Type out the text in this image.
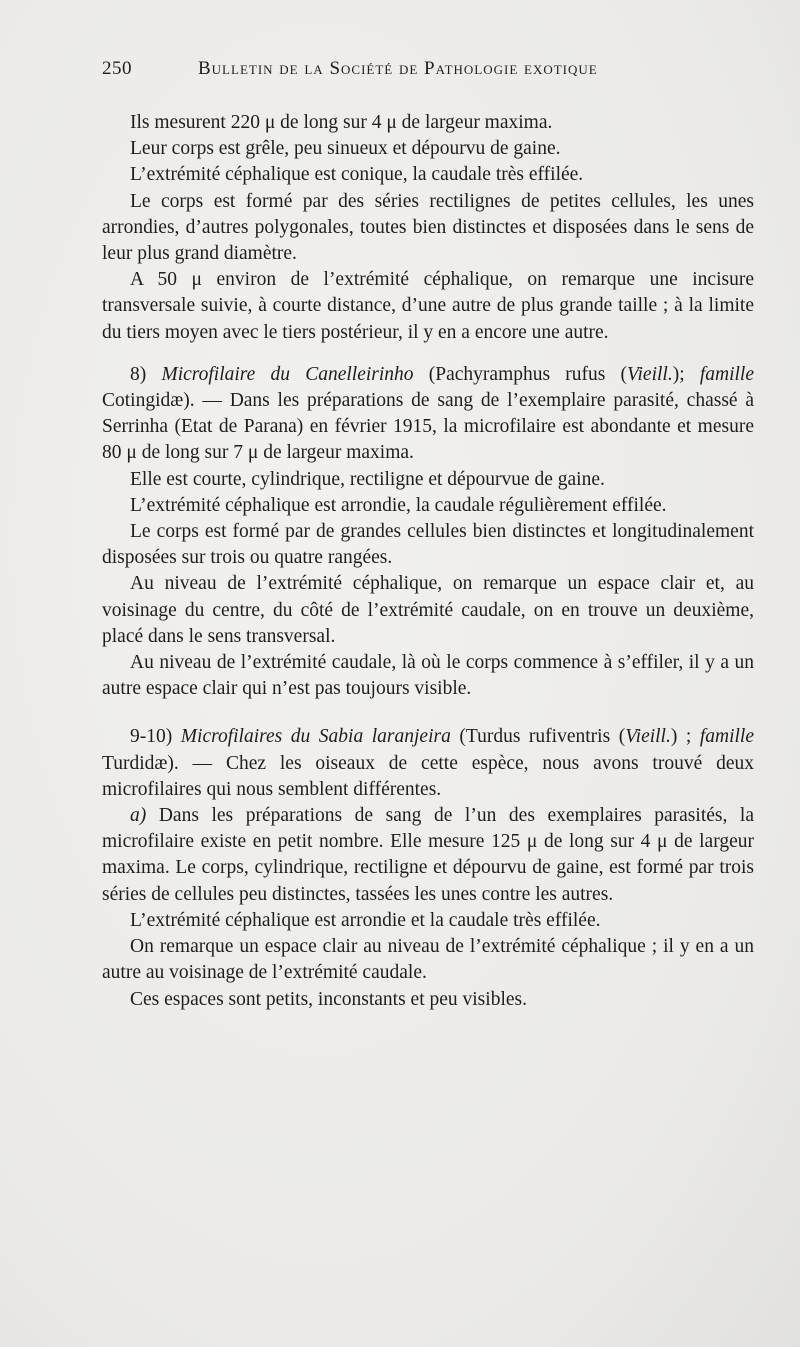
250	Bulletin de la Société de Pathologie exotique

Ils mesurent 220 μ de long sur 4 μ de largeur maxima.

Leur corps est grêle, peu sinueux et dépourvu de gaine.

L’extrémité céphalique est conique, la caudale très effilée.

Le corps est formé par des séries rectilignes de petites cellules, les unes arrondies, d’autres polygonales, toutes bien distinctes et disposées dans le sens de leur plus grand diamètre.

A 50 μ environ de l’extrémité céphalique, on remarque une incisure transversale suivie, à courte distance, d’une autre de plus grande taille ; à la limite du tiers moyen avec le tiers postérieur, il y en a encore une autre.

8) Microfilaire du Canelleirinho (Pachyramphus rufus (Vieill.); famille Cotingidæ). — Dans les préparations de sang de l’exemplaire parasité, chassé à Serrinha (Etat de Parana) en février 1915, la microfilaire est abondante et mesure 80 μ de long sur 7 μ de largeur maxima.

Elle est courte, cylindrique, rectiligne et dépourvue de gaine.

L’extrémité céphalique est arrondie, la caudale régulièrement effilée.

Le corps est formé par de grandes cellules bien distinctes et longitudinalement disposées sur trois ou quatre rangées.

Au niveau de l’extrémité céphalique, on remarque un espace clair et, au voisinage du centre, du côté de l’extrémité caudale, on en trouve un deuxième, placé dans le sens transversal.

Au niveau de l’extrémité caudale, là où le corps commence à s’effiler, il y a un autre espace clair qui n’est pas toujours visible.

9-10) Microfilaires du Sabia laranjeira (Turdus rufiventris (Vieill.) ; famille Turdidæ). — Chez les oiseaux de cette espèce, nous avons trouvé deux microfilaires qui nous semblent différentes.

a) Dans les préparations de sang de l’un des exemplaires parasités, la microfilaire existe en petit nombre. Elle mesure 125 μ de long sur 4 μ de largeur maxima. Le corps, cylindrique, rectiligne et dépourvu de gaine, est formé par trois séries de cellules peu distinctes, tassées les unes contre les autres.

L’extrémité céphalique est arrondie et la caudale très effilée.

On remarque un espace clair au niveau de l’extrémité céphalique ; il y en a un autre au voisinage de l’extrémité caudale.

Ces espaces sont petits, inconstants et peu visibles.
